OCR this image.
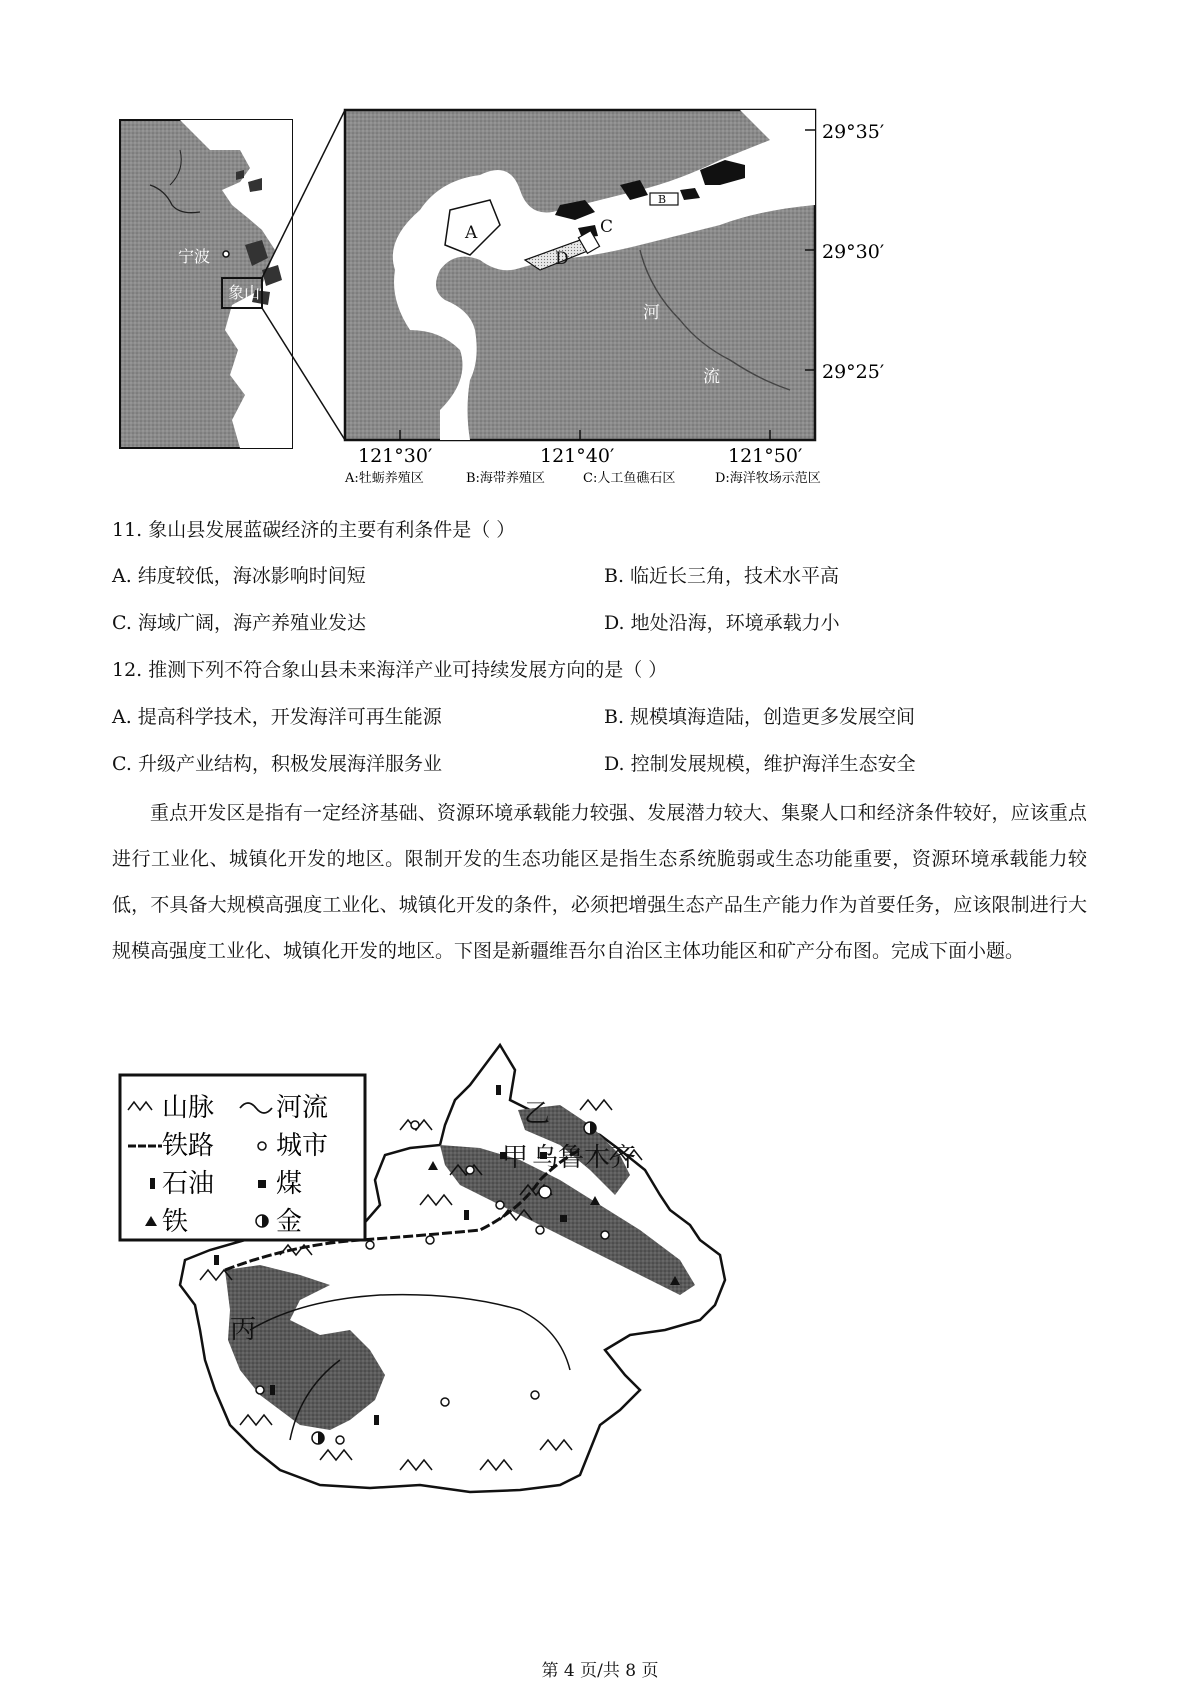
宁波
象山
A
B
C
D
河
流
29°35′
29°30′
29°25′
121°30′	121°40′	121°50′
A:牡蛎养殖区	B:海带养殖区	C:人工鱼礁石区	D:海洋牧场示范区
11. 象山县发展蓝碳经济的主要有利条件是（ ）
A. 纬度较低，海冰影响时间短	B. 临近长三角，技术水平高
C. 海域广阔，海产养殖业发达	D. 地处沿海，环境承载力小
12. 推测下列不符合象山县未来海洋产业可持续发展方向的是（ ）
A. 提高科学技术，开发海洋可再生能源	B. 规模填海造陆，创造更多发展空间
C. 升级产业结构，积极发展海洋服务业	D. 控制发展规模，维护海洋生态安全
重点开发区是指有一定经济基础、资源环境承载能力较强、发展潜力较大、集聚人口和经济条件较好，应该重点进行工业化、城镇化开发的地区。限制开发的生态功能区是指生态系统脆弱或生态功能重要，资源环境承载能力较低，不具备大规模高强度工业化、城镇化开发的条件，必须把增强生态产品生产能力作为首要任务，应该限制进行大规模高强度工业化、城镇化开发的地区。下图是新疆维吾尔自治区主体功能区和矿产分布图。完成下面小题。
乙
甲 乌鲁木齐
丙
山脉 河流
铁路 城市
石油 煤
铁	金
第 4 页/共 8 页
